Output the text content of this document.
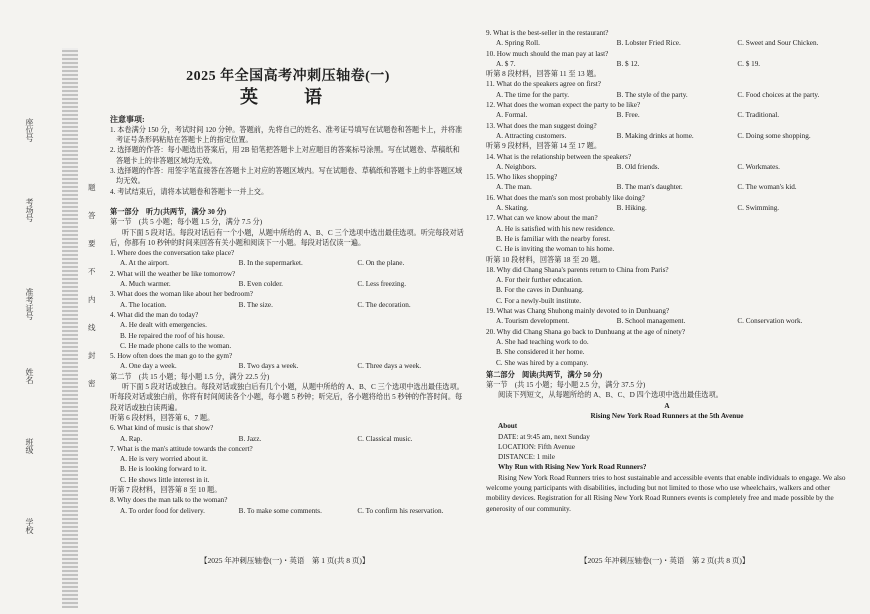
学校
班级
姓名
准考证号
考场号
座位号
密
封
线
内
不
要
答
题
2025 年全国高考冲刺压轴卷(一)
英　语
注意事项:

1. 本卷满分 150 分，考试时间 120 分钟。答题前，先将自己的姓名、准考证号填写在试题卷和答题卡上，并将准考证号条形码粘贴在答题卡上的指定位置。

2. 选择题的作答：每小题选出答案后，用 2B 铅笔把答题卡上对应题目的答案标号涂黑。写在试题卷、草稿纸和答题卡上的非答题区域均无效。

3. 选择题的作答：用签字笔直接答在答题卡上对应的答题区域内。写在试题卷、草稿纸和答题卡上的非答题区域均无效。

4. 考试结束后，请将本试题卷和答题卡一并上交。

第一部分　听力(共两节，满分 30 分)

第一节　(共 5 小题；每小题 1.5 分，满分 7.5 分)

听下面 5 段对话。每段对话后有一个小题，从题中所给的 A、B、C 三个选项中选出最佳选项。听完每段对话后，你都有 10 秒钟的时间来回答有关小题和阅读下一小题。每段对话仅读一遍。

1. Where does the conversation take place?

A. At the airport.	B. In the supermarket.	C. On the plane.

2. What will the weather be like tomorrow?

A. Much warmer.	B. Even colder.	C. Less freezing.

3. What does the woman like about her bedroom?

A. The location.	B. The size.	C. The decoration.

4. What did the man do today?

A. He dealt with emergencies.

B. He repaired the roof of his house.

C. He made phone calls to the woman.

5. How often does the man go to the gym?

A. One day a week.	B. Two days a week.	C. Three days a week.

第二节　(共 15 小题；每小题 1.5 分，满分 22.5 分)

听下面 5 段对话或独白。每段对话或独白后有几个小题，从题中所给的 A、B、C 三个选项中选出最佳选项。听每段对话或独白前，你将有时间阅读各个小题，每小题 5 秒钟；听完后，各小题将给出 5 秒钟的作答时间。每段对话或独白读两遍。

听第 6 段材料，回答第 6、7 题。

6. What kind of music is that show?

A. Rap.	B. Jazz.	C. Classical music.

7. What is the man's attitude towards the concert?

A. He is very worried about it.

B. He is looking forward to it.

C. He shows little interest in it.

听第 7 段材料，回答第 8 至 10 题。

8. Why does the man talk to the woman?

A. To order food for delivery.	B. To make some comments.	C. To confirm his reservation.

9. What is the best-seller in the restaurant?

A. Spring Roll.	B. Lobster Fried Rice.	C. Sweet and Sour Chicken.

10. How much should the man pay at last?

A. $ 7.	B. $ 12.	C. $ 19.

听第 8 段材料，回答第 11 至 13 题。

11. What do the speakers agree on first?

A. The time for the party.	B. The style of the party.	C. Food choices at the party.

12. What does the woman expect the party to be like?

A. Formal.	B. Free.	C. Traditional.

13. What does the man suggest doing?

A. Attracting customers.	B. Making drinks at home.	C. Doing some shopping.

听第 9 段材料，回答第 14 至 17 题。

14. What is the relationship between the speakers?

A. Neighbors.	B. Old friends.	C. Workmates.

15. Who likes shopping?

A. The man.	B. The man's daughter.	C. The woman's kid.

16. What does the man's son most probably like doing?

A. Skating.	B. Hiking.	C. Swimming.

17. What can we know about the man?

A. He is satisfied with his new residence.

B. He is familiar with the nearby forest.

C. He is inviting the woman to his home.

听第 10 段材料，回答第 18 至 20 题。

18. Why did Chang Shana's parents return to China from Paris?

A. For their further education.

B. For the caves in Dunhuang.

C. For a newly-built institute.

19. What was Chang Shuhong mainly devoted to in Dunhuang?

A. Tourism development.	B. School management.	C. Conservation work.

20. Why did Chang Shana go back to Dunhuang at the age of ninety?

A. She had teaching work to do.

B. She considered it her home.

C. She was hired by a company.

第二部分　阅读(共两节，满分 50 分)

第一节　(共 15 小题；每小题 2.5 分，满分 37.5 分)

阅读下列短文，从每题所给的 A、B、C、D 四个选项中选出最佳选项。

A

Rising New York Road Runners at the 5th Avenue

About

DATE: at 9:45 am, next Sunday

LOCATION: Fifth Avenue

DISTANCE: 1 mile

Why Run with Rising New York Road Runners?

Rising New York Road Runners tries to host sustainable and accessible events that enable individuals to engage. We also welcome young participants with disabilities, including but not limited to those who use wheelchairs, walkers and other mobility devices. Registration for all Rising New York Road Runners events is completely free and made possible by the generosity of our community.

【2025 年冲刺压轴卷(一)・英语　第 1 页(共 8 页)】	【2025 年冲刺压轴卷(一)・英语　第 2 页(共 8 页)】
